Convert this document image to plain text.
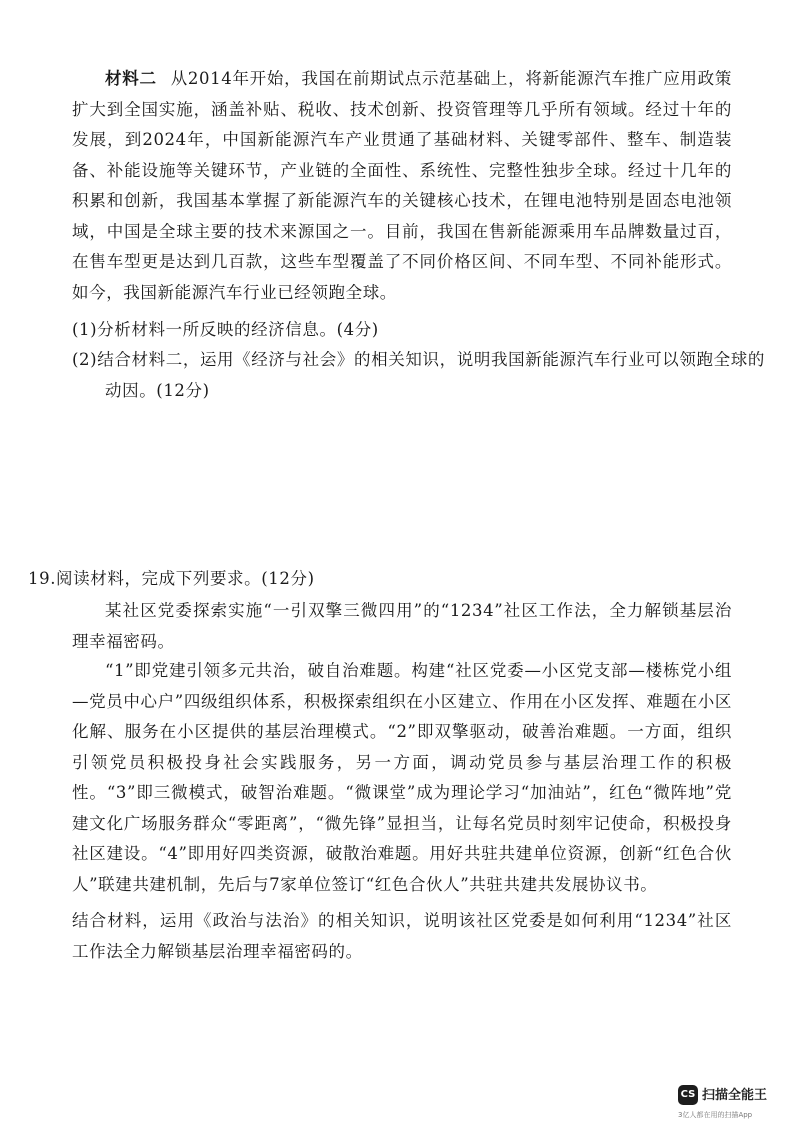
材料二 从2014年开始，我国在前期试点示范基础上，将新能源汽车推广应用政策扩大到全国实施，涵盖补贴、税收、技术创新、投资管理等几乎所有领域。经过十年的发展，到2024年，中国新能源汽车产业贯通了基础材料、关键零部件、整车、制造装备、补能设施等关键环节，产业链的全面性、系统性、完整性独步全球。经过十几年的积累和创新，我国基本掌握了新能源汽车的关键核心技术，在锂电池特别是固态电池领域，中国是全球主要的技术来源国之一。目前，我国在售新能源乘用车品牌数量过百，在售车型更是达到几百款，这些车型覆盖了不同价格区间、不同车型、不同补能形式。如今，我国新能源汽车行业已经领跑全球。
(1)分析材料一所反映的经济信息。(4分)
(2)结合材料二，运用《经济与社会》的相关知识，说明我国新能源汽车行业可以领跑全球的动因。(12分)
19.阅读材料，完成下列要求。(12分)
某社区党委探索实施“一引双擎三微四用”的“1234”社区工作法，全力解锁基层治理幸福密码。
“1”即党建引领多元共治，破自治难题。构建“社区党委—小区党支部—楼栋党小组—党员中心户”四级组织体系，积极探索组织在小区建立、作用在小区发挥、难题在小区化解、服务在小区提供的基层治理模式。“2”即双擎驱动，破善治难题。一方面，组织引领党员积极投身社会实践服务，另一方面，调动党员参与基层治理工作的积极性。“3”即三微模式，破智治难题。“微课堂”成为理论学习“加油站”，红色“微阵地”党建文化广场服务群众“零距离”，“微先锋”显担当，让每名党员时刻牢记使命，积极投身社区建设。“4”即用好四类资源，破散治难题。用好共驻共建单位资源，创新“红色合伙人”联建共建机制，先后与7家单位签订“红色合伙人”共驻共建共发展协议书。
结合材料，运用《政治与法治》的相关知识，说明该社区党委是如何利用“1234”社区工作法全力解锁基层治理幸福密码的。
CS 扫描全能王
3亿人都在用的扫描App
